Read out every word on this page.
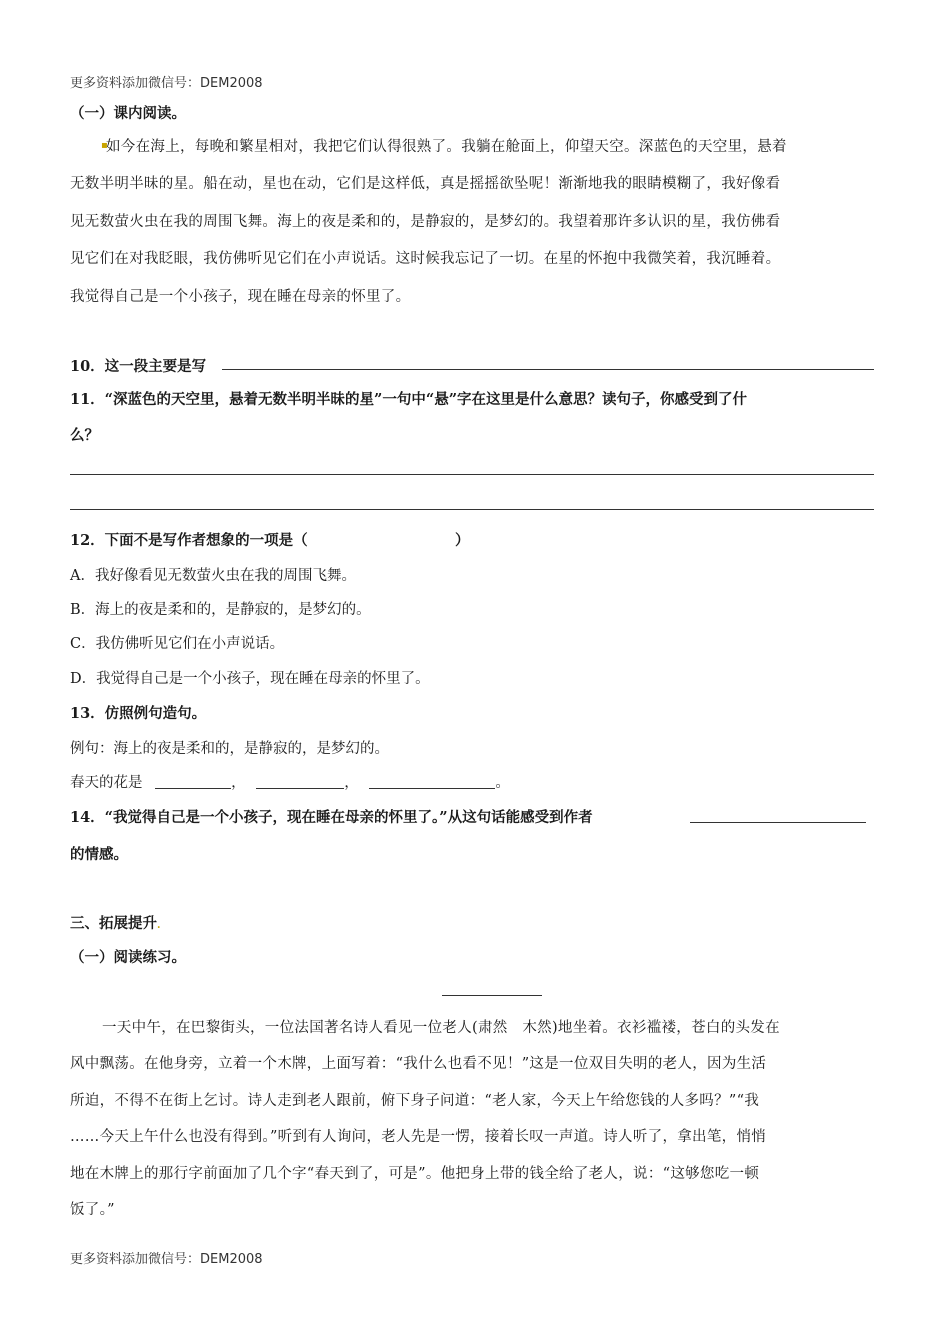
更多资料添加微信号：DEM2008
（一）课内阅读。
▪
如今在海上，每晚和繁星相对，我把它们认得很熟了。我躺在舱面上，仰望天空。深蓝色的天空里，悬着
无数半明半昧的星。船在动，星也在动，它们是这样低，真是摇摇欲坠呢！渐渐地我的眼睛模糊了，我好像看
见无数萤火虫在我的周围飞舞。海上的夜是柔和的，是静寂的，是梦幻的。我望着那许多认识的星，我仿佛看
见它们在对我眨眼，我仿佛听见它们在小声说话。这时候我忘记了一切。在星的怀抱中我微笑着，我沉睡着。
我觉得自己是一个小孩子，现在睡在母亲的怀里了。
10．这一段主要是写
11．“深蓝色的天空里，悬着无数半明半昧的星”一句中“悬”字在这里是什么意思？读句子，你感受到了什
么？
12．下面不是写作者想象的一项是（	）
A．我好像看见无数萤火虫在我的周围飞舞。
B．海上的夜是柔和的，是静寂的，是梦幻的。
C．我仿佛听见它们在小声说话。
D．我觉得自己是一个小孩子，现在睡在母亲的怀里了。
13．仿照例句造句。
例句：海上的夜是柔和的，是静寂的，是梦幻的。
春天的花是	，	，	。
14．“我觉得自己是一个小孩子，现在睡在母亲的怀里了。”从这句话能感受到作者
的情感。
三、拓展提升.
（一）阅读练习。
一天中午，在巴黎街头，一位法国著名诗人看见一位老人(肃然　木然)地坐着。衣衫褴褛，苍白的头发在
风中飘荡。在他身旁，立着一个木牌，上面写着：“我什么也看不见！”这是一位双目失明的老人，因为生活
所迫，不得不在街上乞讨。诗人走到老人跟前，俯下身子问道：“老人家，今天上午给您钱的人多吗？”“我
……今天上午什么也没有得到。”听到有人询问，老人先是一愣，接着长叹一声道。诗人听了，拿出笔，悄悄
地在木牌上的那行字前面加了几个字“春天到了，可是”。他把身上带的钱全给了老人，说：“这够您吃一顿
饭了。”
更多资料添加微信号：DEM2008
